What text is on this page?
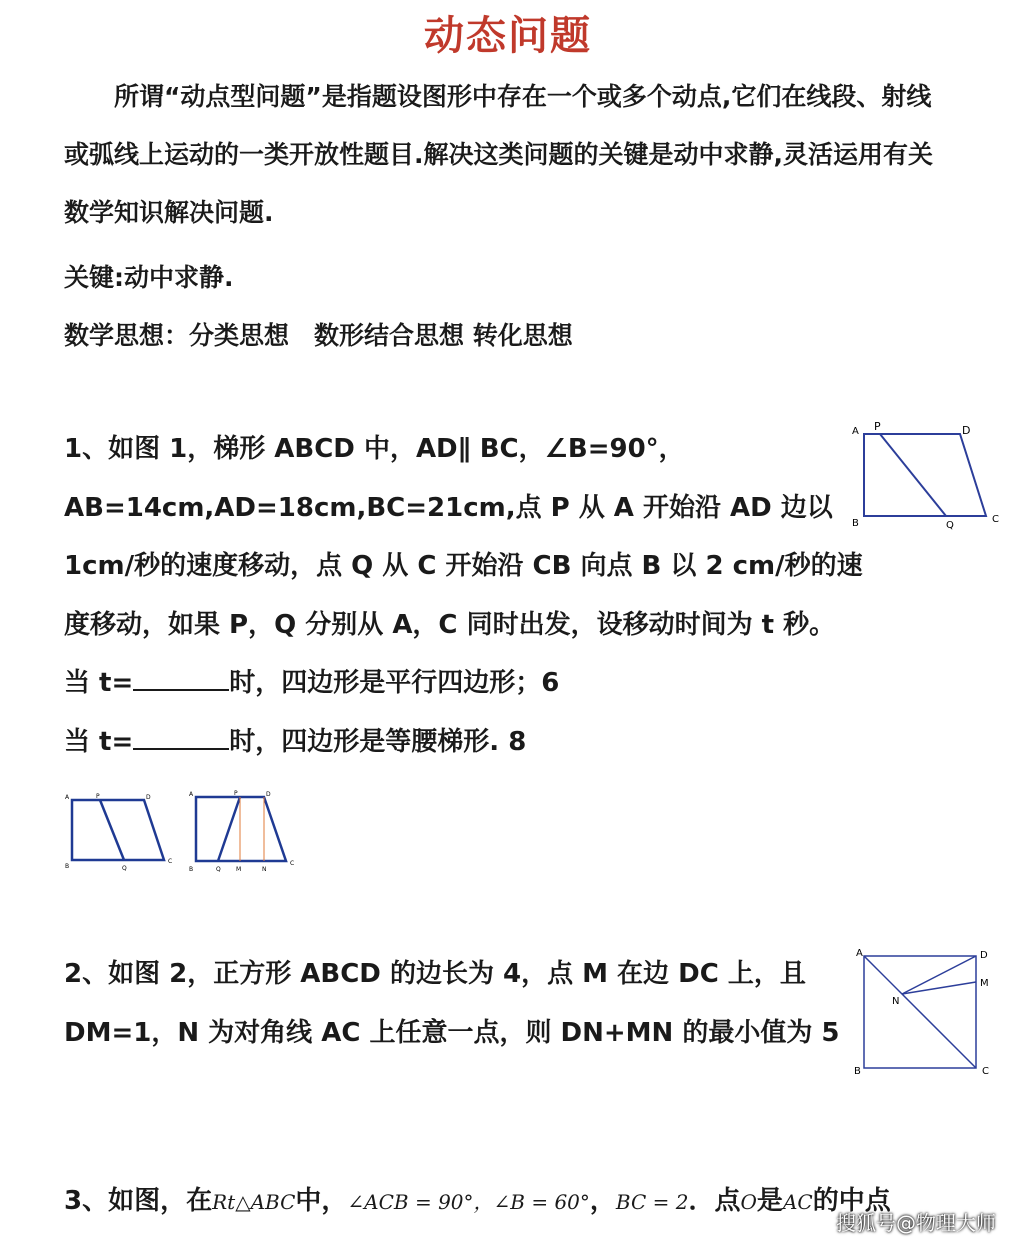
动态问题
所谓“动点型问题”是指题设图形中存在一个或多个动点,它们在线段、射线或弧线上运动的一类开放性题目.解决这类问题的关键是动中求静,灵活运用有关数学知识解决问题.
关键:动中求静.
数学思想：分类思想　数形结合思想 转化思想
1、如图 1，梯形 ABCD 中，AD∥ BC，∠B=90°，AB=14cm,AD=18cm,BC=21cm,点 P 从 A 开始沿 AD 边以 1cm/秒的速度移动，点 Q 从 C 开始沿 CB 向点 B 以 2 cm/秒的速度移动，如果 P，Q 分别从 A，C 同时出发，设移动时间为 t 秒。
当 t=	时，四边形是平行四边形；6
当 t=	时，四边形是等腰梯形. 8
A P	D
B	Q
C
A	P	D
B	Q
C
A	P	D
B	Q	M	N
C
2、如图 2，正方形 ABCD 的边长为 4，点 M 在边 DC 上，且 DM=1，N 为对角线 AC 上任意一点，则 DN+MN 的最小值为 5
A	D
M
N
B	C
3、如图，在Rt△ABC中，∠ACB = 90°，∠B = 60°，BC = 2．点O是AC的中点
搜狐号@物理大师
